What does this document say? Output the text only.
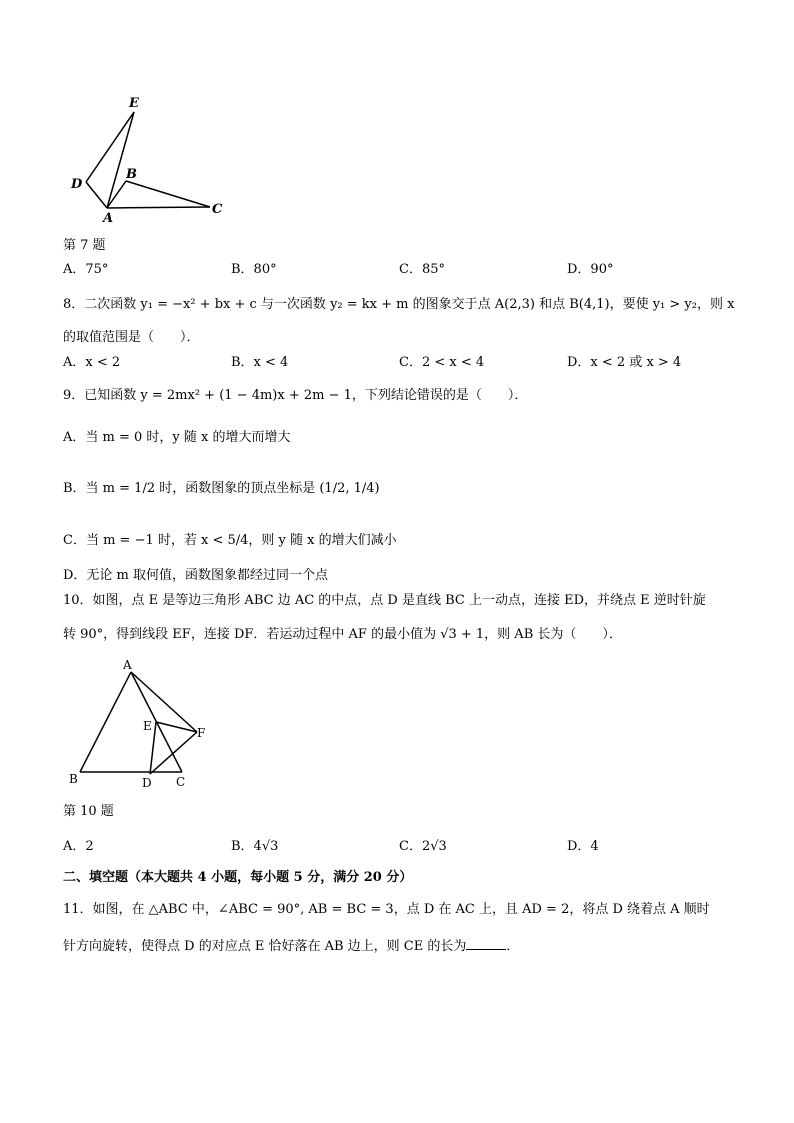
E
D
B
A
C
第 7 题
A．75°	B．80°	C．85°	D．90°
8．二次函数 y₁ = −x² + bx + c 与一次函数 y₂ = kx + m 的图象交于点 A(2,3) 和点 B(4,1)，要使 y₁ > y₂，则 x
的取值范围是（　　）．
A．x < 2	B．x < 4	C．2 < x < 4	D．x < 2 或 x > 4
9．已知函数 y = 2mx² + (1 − 4m)x + 2m − 1，下列结论错误的是（　　）．
A．当 m = 0 时，y 随 x 的增大而增大
B．当 m = 1/2 时，函数图象的顶点坐标是 (1/2, 1/4)
C．当 m = −1 时，若 x < 5/4，则 y 随 x 的增大们减小
D．无论 m 取何值，函数图象都经过同一个点
10．如图，点 E 是等边三角形 ABC 边 AC 的中点，点 D 是直线 BC 上一动点，连接 ED，并绕点 E 逆时针旋
转 90°，得到线段 EF，连接 DF．若运动过程中 AF 的最小值为 √3 + 1，则 AB 长为（　　）．
A
E	F
B	D C
第 10 题
A．2	B．4√3	C．2√3	D．4
二、填空题（本大题共 4 小题，每小题 5 分，满分 20 分）
11．如图，在 △ABC 中，∠ABC = 90°, AB = BC = 3，点 D 在 AC 上，且 AD = 2，将点 D 绕着点 A 顺时
针方向旋转，使得点 D 的对应点 E 恰好落在 AB 边上，则 CE 的长为	．
